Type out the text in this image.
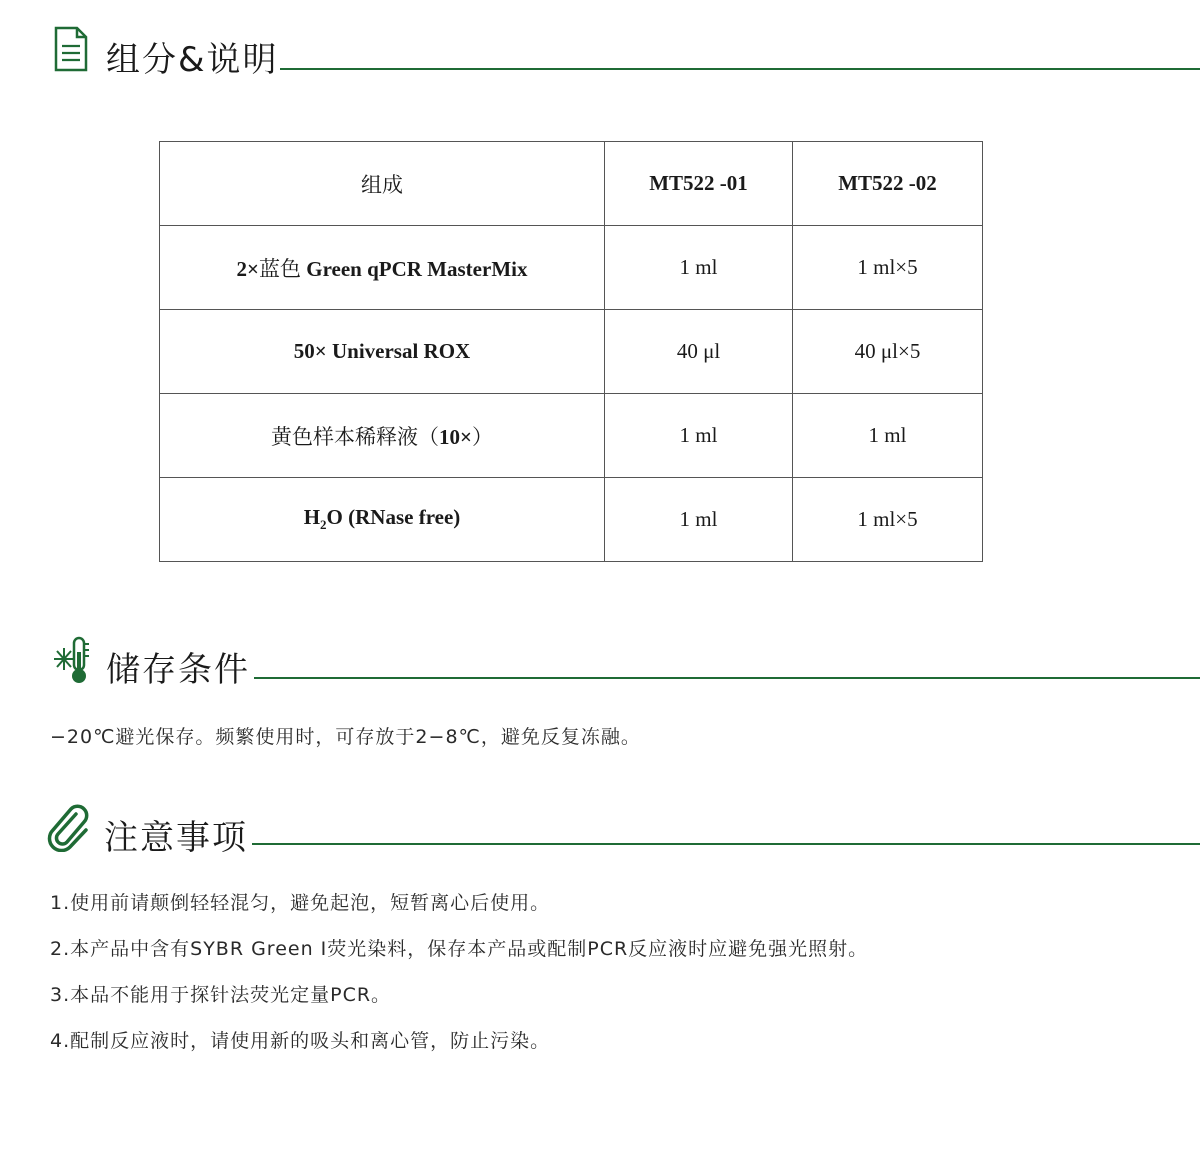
组分&说明
组成	MT522 -01	MT522 -02
2×蓝色 Green qPCR MasterMix	1 ml	1 ml×5
50× Universal ROX	40 μl	40 μl×5
黄色样本稀释液（10×）	1 ml	1 ml
$H_2O$ (RNase free)	1 ml	1 ml×5
储存条件
−20℃避光保存。频繁使用时，可存放于2−8℃，避免反复冻融。
注意事项
1.使用前请颠倒轻轻混匀，避免起泡，短暂离心后使用。
2.本产品中含有SYBR Green I荧光染料，保存本产品或配制PCR反应液时应避免强光照射。
3.本品不能用于探针法荧光定量PCR。
4.配制反应液时，请使用新的吸头和离心管，防止污染。
